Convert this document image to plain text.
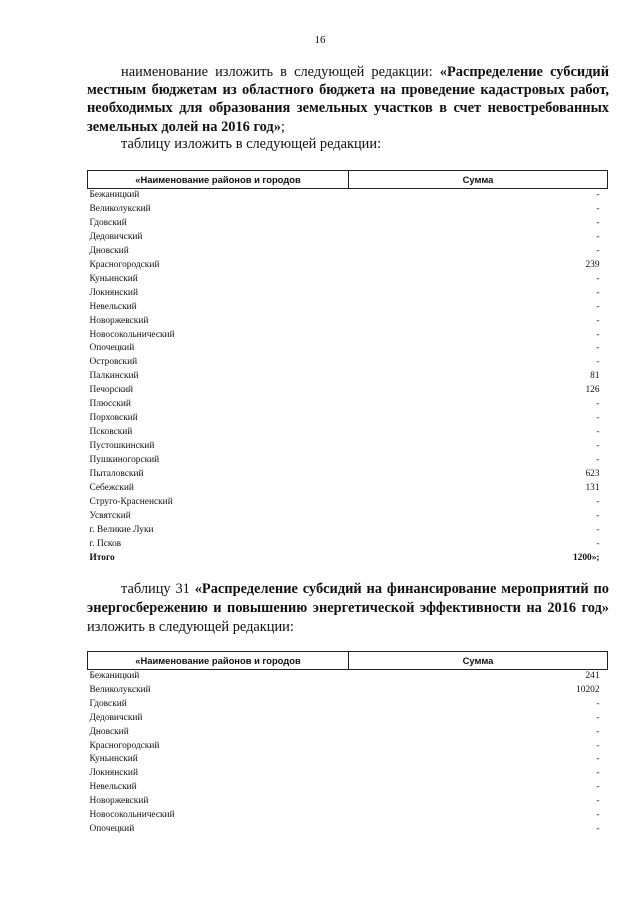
16
наименование изложить в следующей редакции: «Распределение субсидий местным бюджетам из областного бюджета на проведение кадастровых работ, необходимых для образования земельных участков в счет невостребованных земельных долей на 2016 год»;
таблицу изложить в следующей редакции:
«Наименование районов и городов	Сумма
Бежаницкий	-
Великолукский	-
Гдовский	-
Дедовичский	-
Дновский	-
Красногородский	239
Куньинский	-
Локнянский	-
Невельский	-
Новоржевский	-
Новосокольнический	-
Опочецкий	-
Островский	-
Палкинский	81
Печорский	126
Плюсский	-
Порховский	-
Псковский	-
Пустошкинский	-
Пушкиногорский	-
Пыталовский	623
Себежский	131
Струго-Красненский	-
Усвятский	-
г. Великие Луки	-
г. Псков	-
Итого	1200»;
таблицу 31 «Распределение субсидий на финансирование мероприятий по энергосбережению и повышению энергетической эффективности на 2016 год» изложить в следующей редакции:
«Наименование районов и городов	Сумма
Бежаницкий	241
Великолукский	10202
Гдовский	-
Дедовичский	-
Дновский	-
Красногородский	-
Куньинский	-
Локнянский	-
Невельский	-
Новоржевский	-
Новосокольнический	-
Опочецкий	-
